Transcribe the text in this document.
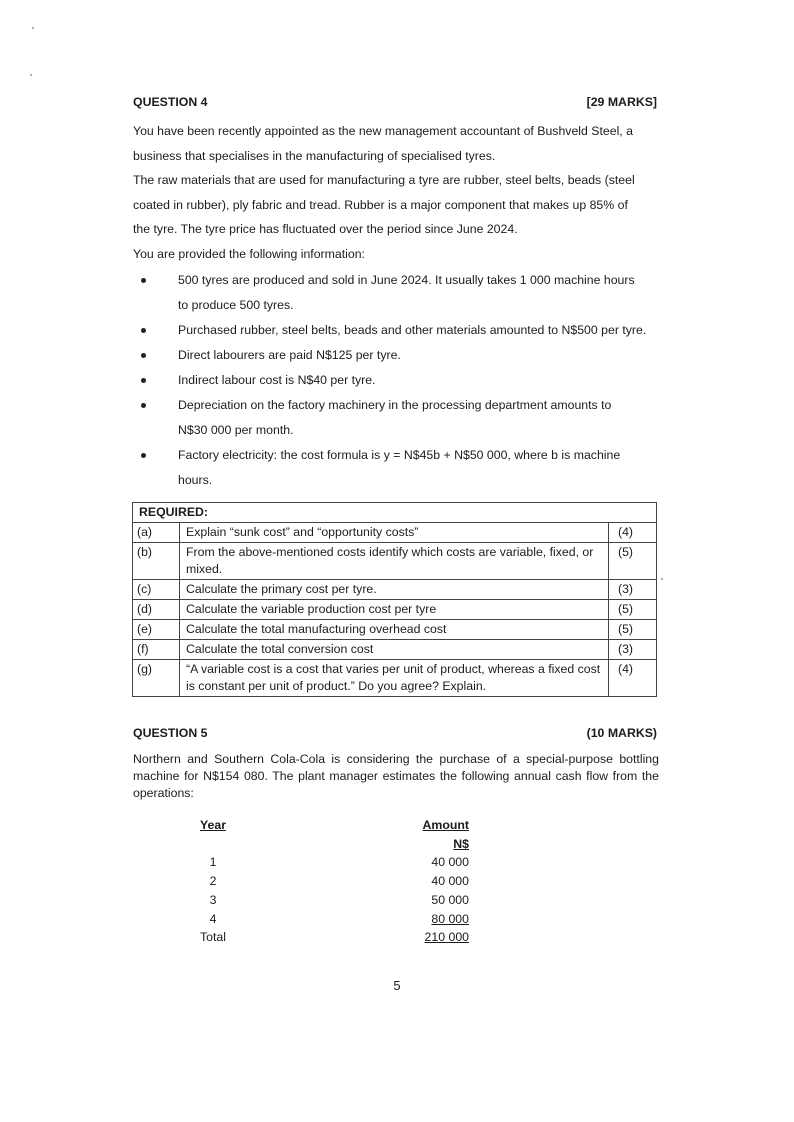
QUESTION 4	[29 MARKS]

You have been recently appointed as the new management accountant of Bushveld Steel, a

business that specialises in the manufacturing of specialised tyres.

The raw materials that are used for manufacturing a tyre are rubber, steel belts, beads (steel

coated in rubber), ply fabric and tread. Rubber is a major component that makes up 85% of

the tyre. The tyre price has fluctuated over the period since June 2024.

You are provided the following information:

500 tyres are produced and sold in June 2024. It usually takes 1 000 machine hours
to produce 500 tyres.
Purchased rubber, steel belts, beads and other materials amounted to N$500 per tyre.
Direct labourers are paid N$125 per tyre.
Indirect labour cost is N$40 per tyre.
Depreciation on the factory machinery in the processing department amounts to
N$30 000 per month.
Factory electricity: the cost formula is y = N$45b + N$50 000, where b is machine
hours.
REQUIRED:		
(a)	Explain “sunk cost” and “opportunity costs”	(4)
(b)	From the above-mentioned costs identify which costs are variable, fixed, or mixed.	(5)
(c)	Calculate the primary cost per tyre.	(3)
(d)	Calculate the variable production cost per tyre	(5)
(e)	Calculate the total manufacturing overhead cost	(5)
(f)	Calculate the total conversion cost	(3)
(g)	“A variable cost is a cost that varies per unit of product, whereas a fixed cost is constant per unit of product.” Do you agree? Explain.	(4)
QUESTION 5	(10 MARKS)

Northern and Southern Cola-Cola is considering the purchase of a special-purpose bottling machine for N$154 080. The plant manager estimates the following annual cash flow from the operations:

Year	Amount
N$
1	40 000
2	40 000
3	50 000
4	80 000
Total	210 000
5
